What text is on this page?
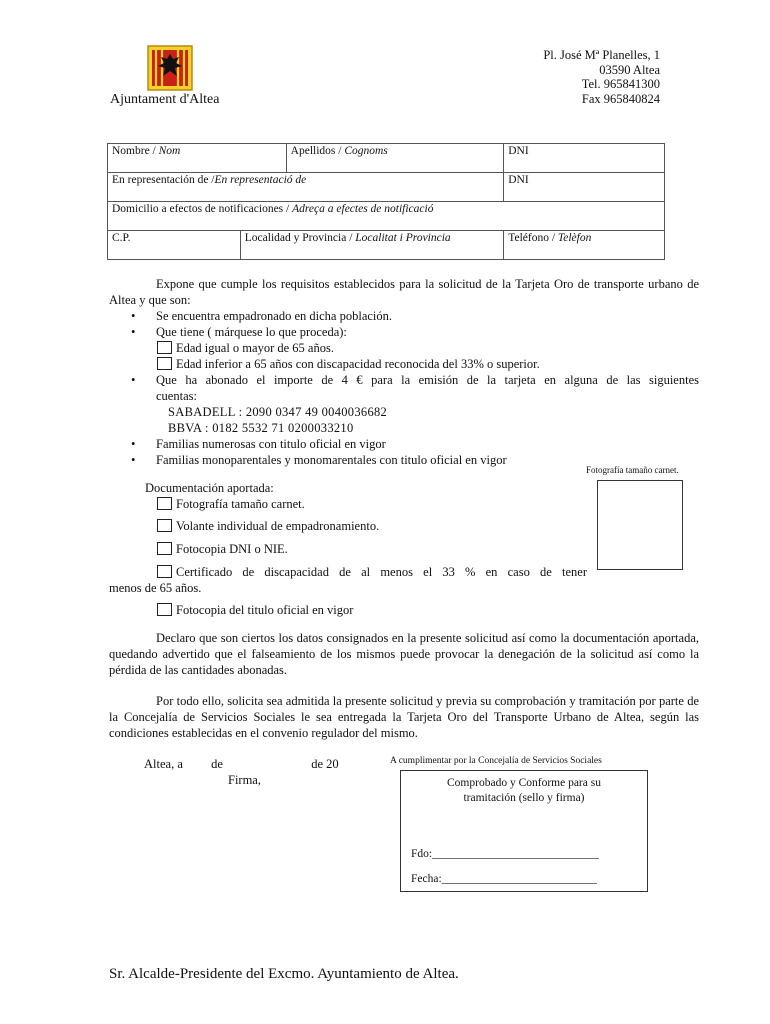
Ajuntament d'Altea
Pl. José Mª Planelles, 1
03590 Altea
Tel. 965841300
Fax 965840824
Nombre / Nom		Apellidos / Cognoms	DNI
En representación de /En representació de			DNI
Domicilio a efectos de notificaciones / Adreça a efectes de notificació			
C.P.	Localidad y Provincia / Localitat i Provincia		Teléfono / Telèfon
Expone que cumple los requisitos establecidos para la solicitud de la Tarjeta Oro de transporte urbano de Altea y que son:
• Se encuentra empadronado en dicha población.
• Que tiene ( márquese lo que proceda):
Edad igual o mayor de 65 años.
Edad inferior a 65 años con discapacidad reconocida del 33% o superior.
• Que ha abonado el importe de 4 € para la emisión de la tarjeta en alguna de las siguientes
cuentas:
SABADELL : 2090 0347 49 0040036682
BBVA : 0182 5532 71 0200033210
• Familias numerosas con titulo oficial en vigor
• Familias monoparentales y monomarentales con titulo oficial en vigor
Fotografía tamaño carnet.
Documentación aportada:
Fotografía tamaño carnet.
Volante individual de empadronamiento.
Fotocopia DNI o NIE.
Certificado de discapacidad de al menos el 33 % en caso de tener
menos de 65 años.
Fotocopia del titulo oficial en vigor
Declaro que son ciertos los datos consignados en la presente solicitud así como la documentación aportada, quedando advertido que el falseamiento de los mismos puede provocar la denegación de la solicitud así como la pérdida de las cantidades abonadas.
Por todo ello, solicita sea admitida la presente solicitud y previa su comprobación y tramitación por parte de la Concejalía de Servicios Sociales le sea entregada la Tarjeta Oro del Transporte Urbano de Altea, según las condiciones establecidas en el convenio regulador del mismo.
Altea, a de	de 20
Firma,
A cumplimentar por la Concejalía de Servicios Sociales
Comprobado y Conforme para su
tramitación (sello y firma)
Fdo:_____________________________
Fecha:___________________________
Sr. Alcalde-Presidente del Excmo. Ayuntamiento de Altea.
